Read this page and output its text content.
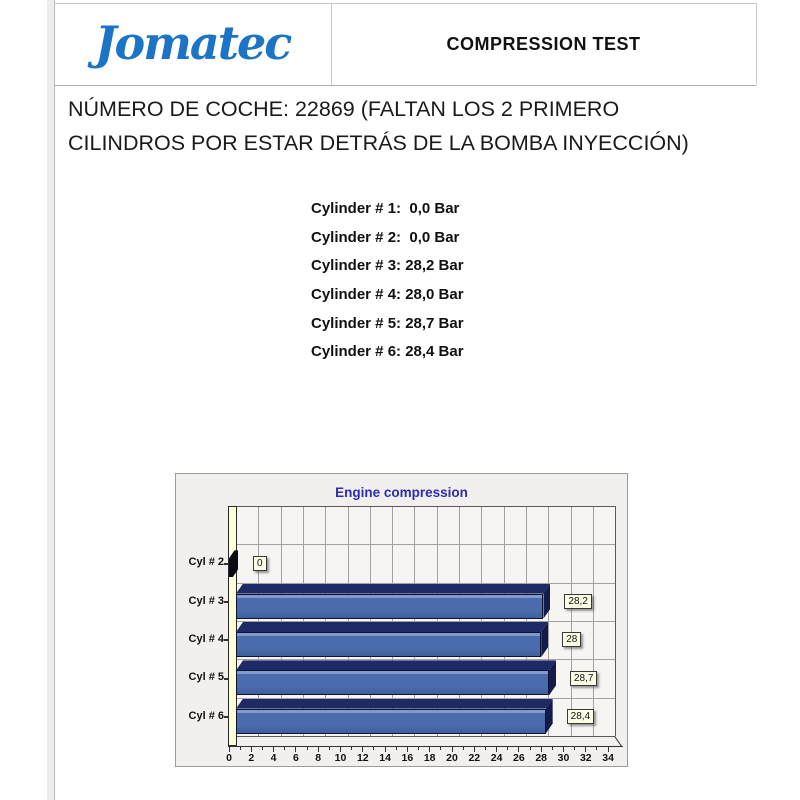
Jomatec	COMPRESSION TEST
NÚMERO DE COCHE: 22869 (FALTAN LOS 2 PRIMERO
CILINDROS POR ESTAR DETRÁS DE LA BOMBA INYECCIÓN)
Cylinder # 1:  0,0 Bar
Cylinder # 2:  0,0 Bar
Cylinder # 3: 28,2 Bar
Cylinder # 4: 28,0 Bar
Cylinder # 5: 28,7 Bar
Cylinder # 6: 28,4 Bar
Engine compression
Cyl # 2	0
Cyl # 3	28,2
Cyl # 4	28
Cyl # 5	28,7
Cyl # 6	28,4
0	2	4	6	8	10	12	14	16	18	20	22	24	26	28	30	32	34
